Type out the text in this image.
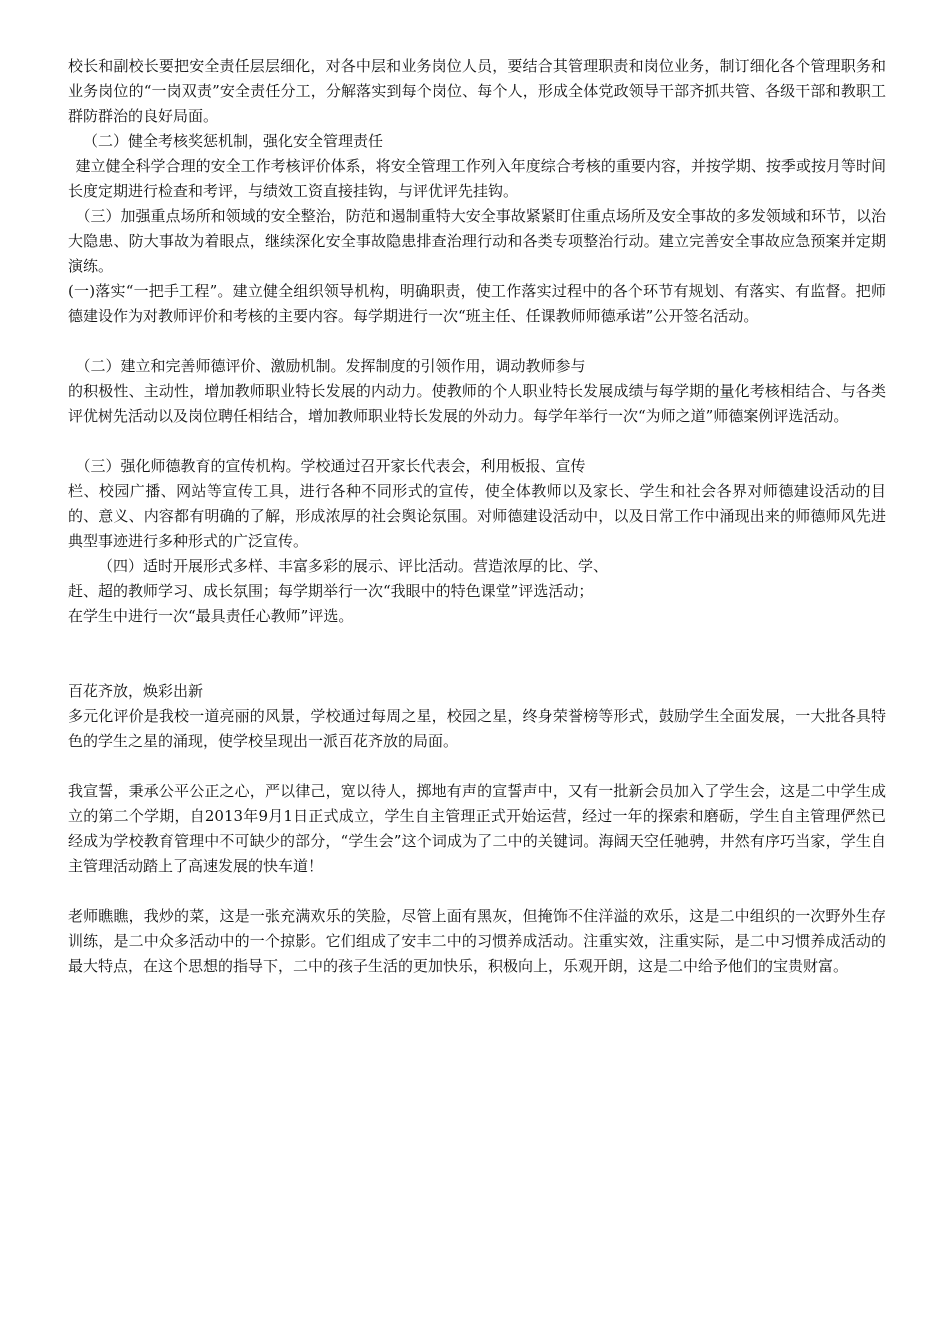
校长和副校长要把安全责任层层细化，对各中层和业务岗位人员，要结合其管理职责和岗位业务，制订细化各个管理职务和业务岗位的“一岗双责”安全责任分工，分解落实到每个岗位、每个人，形成全体党政领导干部齐抓共管、各级干部和教职工群防群治的良好局面。

（二）健全考核奖惩机制，强化安全管理责任

建立健全科学合理的安全工作考核评价体系，将安全管理工作列入年度综合考核的重要内容，并按学期、按季或按月等时间长度定期进行检查和考评，与绩效工资直接挂钩，与评优评先挂钩。

（三）加强重点场所和领域的安全整治，防范和遏制重特大安全事故紧紧盯住重点场所及安全事故的多发领域和环节，以治大隐患、防大事故为着眼点，继续深化安全事故隐患排查治理行动和各类专项整治行动。建立完善安全事故应急预案并定期演练。

(一)落实“一把手工程”。建立健全组织领导机构，明确职责，使工作落实过程中的各个环节有规划、有落实、有监督。把师德建设作为对教师评价和考核的主要内容。每学期进行一次“班主任、任课教师师德承诺”公开签名活动。

（二）建立和完善师德评价、激励机制。发挥制度的引领作用，调动教师参与

的积极性、主动性，增加教师职业特长发展的内动力。使教师的个人职业特长发展成绩与每学期的量化考核相结合、与各类评优树先活动以及岗位聘任相结合，增加教师职业特长发展的外动力。每学年举行一次“为师之道”师德案例评选活动。

（三）强化师德教育的宣传机构。学校通过召开家长代表会，利用板报、宣传

栏、校园广播、网站等宣传工具，进行各种不同形式的宣传，使全体教师以及家长、学生和社会各界对师德建设活动的目的、意义、内容都有明确的了解，形成浓厚的社会舆论氛围。对师德建设活动中，以及日常工作中涌现出来的师德师风先进典型事迹进行多种形式的广泛宣传。

（四）适时开展形式多样、丰富多彩的展示、评比活动。营造浓厚的比、学、

赶、超的教师学习、成长氛围；每学期举行一次“我眼中的特色课堂”评选活动；

在学生中进行一次“最具责任心教师”评选。

百花齐放，焕彩出新

多元化评价是我校一道亮丽的风景，学校通过每周之星，校园之星，终身荣誉榜等形式，鼓励学生全面发展，一大批各具特色的学生之星的涌现，使学校呈现出一派百花齐放的局面。

我宣誓，秉承公平公正之心，严以律己，宽以待人，掷地有声的宣誓声中，又有一批新会员加入了学生会，这是二中学生成立的第二个学期，自2013年9月1日正式成立，学生自主管理正式开始运营，经过一年的探索和磨砺，学生自主管理俨然已经成为学校教育管理中不可缺少的部分，“学生会”这个词成为了二中的关键词。海阔天空任驰骋，井然有序巧当家，学生自主管理活动踏上了高速发展的快车道！

老师瞧瞧，我炒的菜，这是一张充满欢乐的笑脸，尽管上面有黑灰，但掩饰不住洋溢的欢乐，这是二中组织的一次野外生存训练，是二中众多活动中的一个掠影。它们组成了安丰二中的习惯养成活动。注重实效，注重实际，是二中习惯养成活动的最大特点，在这个思想的指导下，二中的孩子生活的更加快乐，积极向上，乐观开朗，这是二中给予他们的宝贵财富。
